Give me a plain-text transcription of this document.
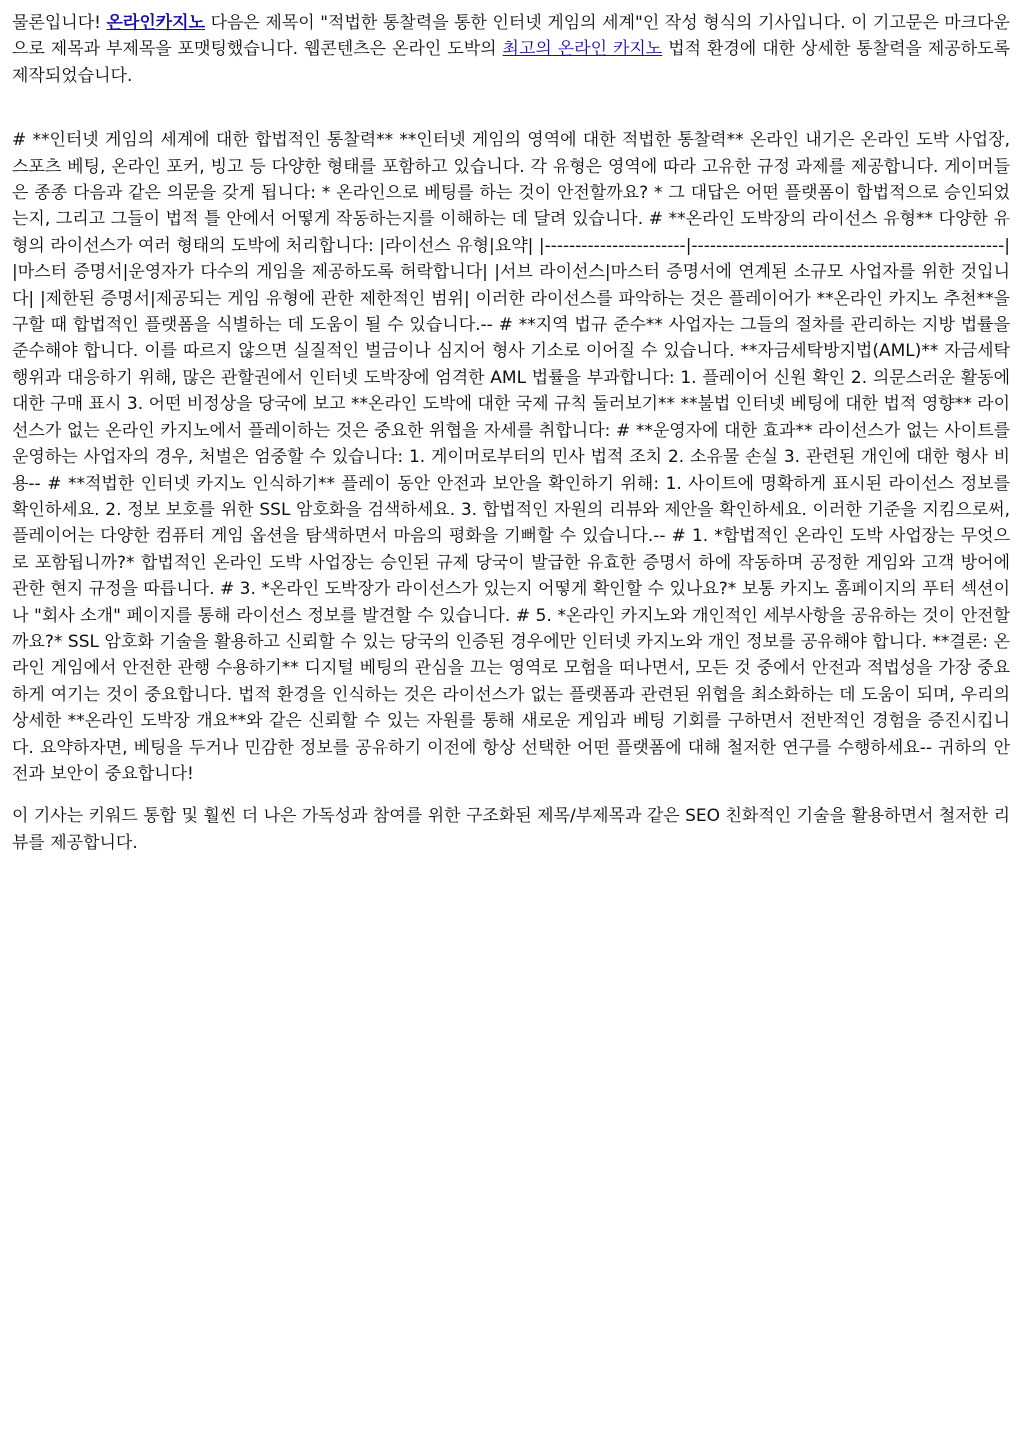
물론입니다! 온라인카지노 다음은 제목이 "적법한 통찰력을 통한 인터넷 게임의 세계"인 작성 형식의 기사입니다. 이 기고문은 마크다운으로 제목과 부제목을 포맷팅했습니다. 웹콘텐츠은 온라인 도박의 최고의 온라인 카지노 법적 환경에 대한 상세한 통찰력을 제공하도록 제작되었습니다.

# **인터넷 게임의 세계에 대한 합법적인 통찰력** **인터넷 게임의 영역에 대한 적법한 통찰력** 온라인 내기은 온라인 도박 사업장, 스포츠 베팅, 온라인 포커, 빙고 등 다양한 형태를 포함하고 있습니다. 각 유형은 영역에 따라 고유한 규정 과제를 제공합니다. 게이머들은 종종 다음과 같은 의문을 갖게 됩니다: * 온라인으로 베팅를 하는 것이 안전할까요? * 그 대답은 어떤 플랫폼이 합법적으로 승인되었는지, 그리고 그들이 법적 틀 안에서 어떻게 작동하는지를 이해하는 데 달려 있습니다. # **온라인 도박장의 라이선스 유형** 다양한 유형의 라이선스가 여러 형태의 도박에 처리합니다: |라이선스 유형|요약| |-----------------------|---------------------------------------------------| |마스터 증명서|운영자가 다수의 게임을 제공하도록 허락합니다| |서브 라이선스|마스터 증명서에 연계된 소규모 사업자를 위한 것입니다| |제한된 증명서|제공되는 게임 유형에 관한 제한적인 범위| 이러한 라이선스를 파악하는 것은 플레이어가 **온라인 카지노 추천**을 구할 때 합법적인 플랫폼을 식별하는 데 도움이 될 수 있습니다.-- # **지역 법규 준수** 사업자는 그들의 절차를 관리하는 지방 법률을 준수해야 합니다. 이를 따르지 않으면 실질적인 벌금이나 심지어 형사 기소로 이어질 수 있습니다. **자금세탁방지법(AML)** 자금세탁 행위과 대응하기 위해, 많은 관할권에서 인터넷 도박장에 엄격한 AML 법률을 부과합니다: 1. 플레이어 신원 확인 2. 의문스러운 활동에 대한 구매 표시 3. 어떤 비정상을 당국에 보고 **온라인 도박에 대한 국제 규칙 둘러보기** **불법 인터넷 베팅에 대한 법적 영향** 라이선스가 없는 온라인 카지노에서 플레이하는 것은 중요한 위협을 자세를 취합니다: # **운영자에 대한 효과** 라이선스가 없는 사이트를 운영하는 사업자의 경우, 처벌은 엄중할 수 있습니다: 1. 게이머로부터의 민사 법적 조치 2. 소유물 손실 3. 관련된 개인에 대한 형사 비용-- # **적법한 인터넷 카지노 인식하기** 플레이 동안 안전과 보안을 확인하기 위해: 1. 사이트에 명확하게 표시된 라이선스 정보를 확인하세요. 2. 정보 보호를 위한 SSL 암호화을 검색하세요. 3. 합법적인 자원의 리뷰와 제안을 확인하세요. 이러한 기준을 지킴으로써, 플레이어는 다양한 컴퓨터 게임 옵션을 탐색하면서 마음의 평화을 기뻐할 수 있습니다.-- # 1. *합법적인 온라인 도박 사업장는 무엇으로 포함됩니까?* 합법적인 온라인 도박 사업장는 승인된 규제 당국이 발급한 유효한 증명서 하에 작동하며 공정한 게임와 고객 방어에 관한 현지 규정을 따릅니다. # 3. *온라인 도박장가 라이선스가 있는지 어떻게 확인할 수 있나요?* 보통 카지노 홈페이지의 푸터 섹션이나 "회사 소개" 페이지를 통해 라이선스 정보를 발견할 수 있습니다. # 5. *온라인 카지노와 개인적인 세부사항을 공유하는 것이 안전할까요?* SSL 암호화 기술을 활용하고 신뢰할 수 있는 당국의 인증된 경우에만 인터넷 카지노와 개인 정보를 공유해야 합니다. **결론: 온라인 게임에서 안전한 관행 수용하기** 디지털 베팅의 관심을 끄는 영역로 모험을 떠나면서, 모든 것 중에서 안전과 적법성을 가장 중요하게 여기는 것이 중요합니다. 법적 환경을 인식하는 것은 라이선스가 없는 플랫폼과 관련된 위협을 최소화하는 데 도움이 되며, 우리의 상세한 **온라인 도박장 개요**와 같은 신뢰할 수 있는 자원를 통해 새로운 게임과 베팅 기회를 구하면서 전반적인 경험을 증진시킵니다. 요약하자면, 베팅을 두거나 민감한 정보를 공유하기 이전에 항상 선택한 어떤 플랫폼에 대해 철저한 연구를 수행하세요-- 귀하의 안전과 보안이 중요합니다!

이 기사는 키워드 통합 및 훨씬 더 나은 가독성과 참여를 위한 구조화된 제목/부제목과 같은 SEO 친화적인 기술을 활용하면서 철저한 리뷰를 제공합니다.
